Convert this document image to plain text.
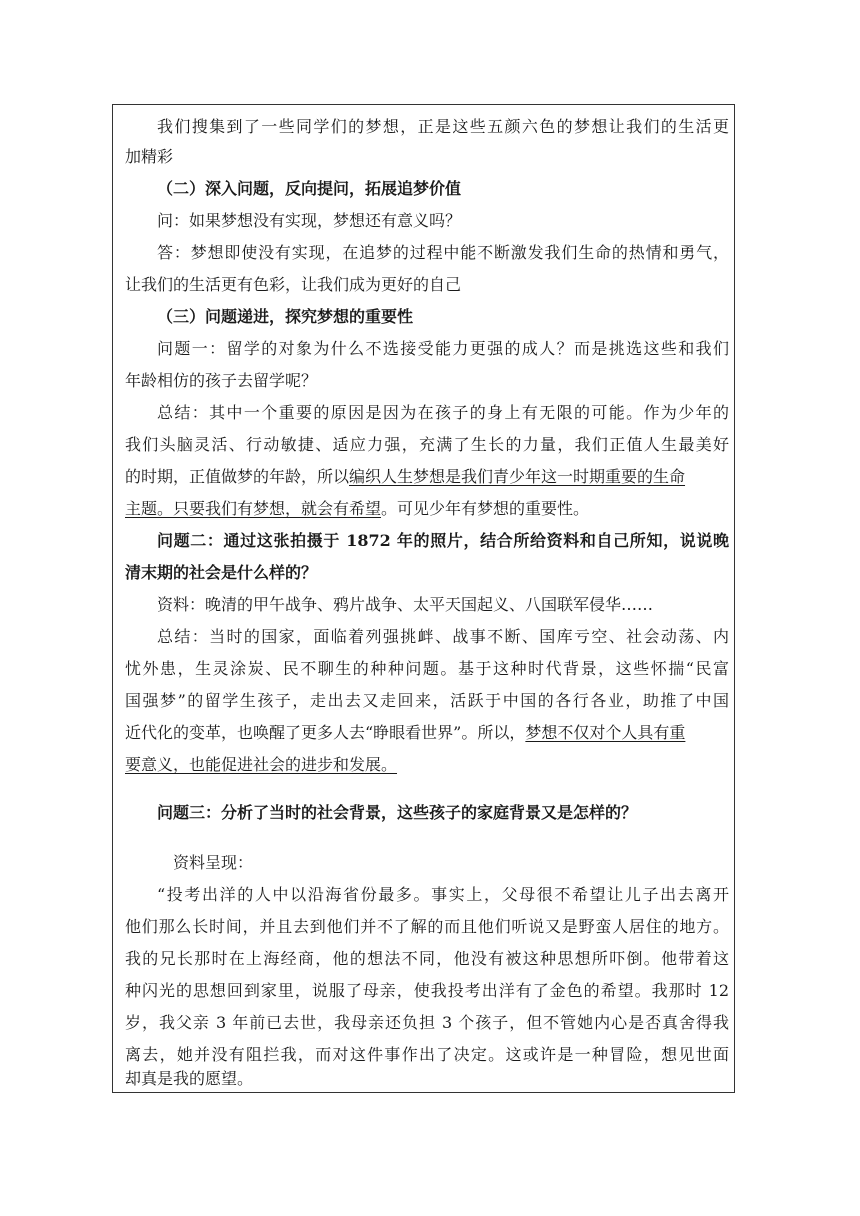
我们搜集到了一些同学们的梦想，正是这些五颜六色的梦想让我们的生活更
加精彩
（二）深入问题，反向提问，拓展追梦价值
问：如果梦想没有实现，梦想还有意义吗？
答：梦想即使没有实现，在追梦的过程中能不断激发我们生命的热情和勇气，
让我们的生活更有色彩，让我们成为更好的自己
（三）问题递进，探究梦想的重要性
问题一：留学的对象为什么不选接受能力更强的成人？而是挑选这些和我们
年龄相仿的孩子去留学呢？
总结：其中一个重要的原因是因为在孩子的身上有无限的可能。作为少年的
我们头脑灵活、行动敏捷、适应力强，充满了生长的力量，我们正值人生最美好
的时期，正值做梦的年龄，所以编织人生梦想是我们青少年这一时期重要的生命
主题。只要我们有梦想，就会有希望。可见少年有梦想的重要性。
问题二：通过这张拍摄于 1872 年的照片，结合所给资料和自己所知，说说晚
清末期的社会是什么样的？
资料：晚清的甲午战争、鸦片战争、太平天国起义、八国联军侵华……
总结：当时的国家，面临着列强挑衅、战事不断、国库亏空、社会动荡、内
忧外患，生灵涂炭、民不聊生的种种问题。基于这种时代背景，这些怀揣“民富
国强梦”的留学生孩子，走出去又走回来，活跃于中国的各行各业，助推了中国
近代化的变革，也唤醒了更多人去“睁眼看世界”。所以，梦想不仅对个人具有重
要意义，也能促进社会的进步和发展。
问题三：分析了当时的社会背景，这些孩子的家庭背景又是怎样的？
资料呈现：
“投考出洋的人中以沿海省份最多。事实上，父母很不希望让儿子出去离开
他们那么长时间，并且去到他们并不了解的而且他们听说又是野蛮人居住的地方。
我的兄长那时在上海经商，他的想法不同，他没有被这种思想所吓倒。他带着这
种闪光的思想回到家里，说服了母亲，使我投考出洋有了金色的希望。我那时 12
岁，我父亲 3 年前已去世，我母亲还负担 3 个孩子，但不管她内心是否真舍得我
离去，她并没有阻拦我，而对这件事作出了决定。这或许是一种冒险，想见世面
却真是我的愿望。
